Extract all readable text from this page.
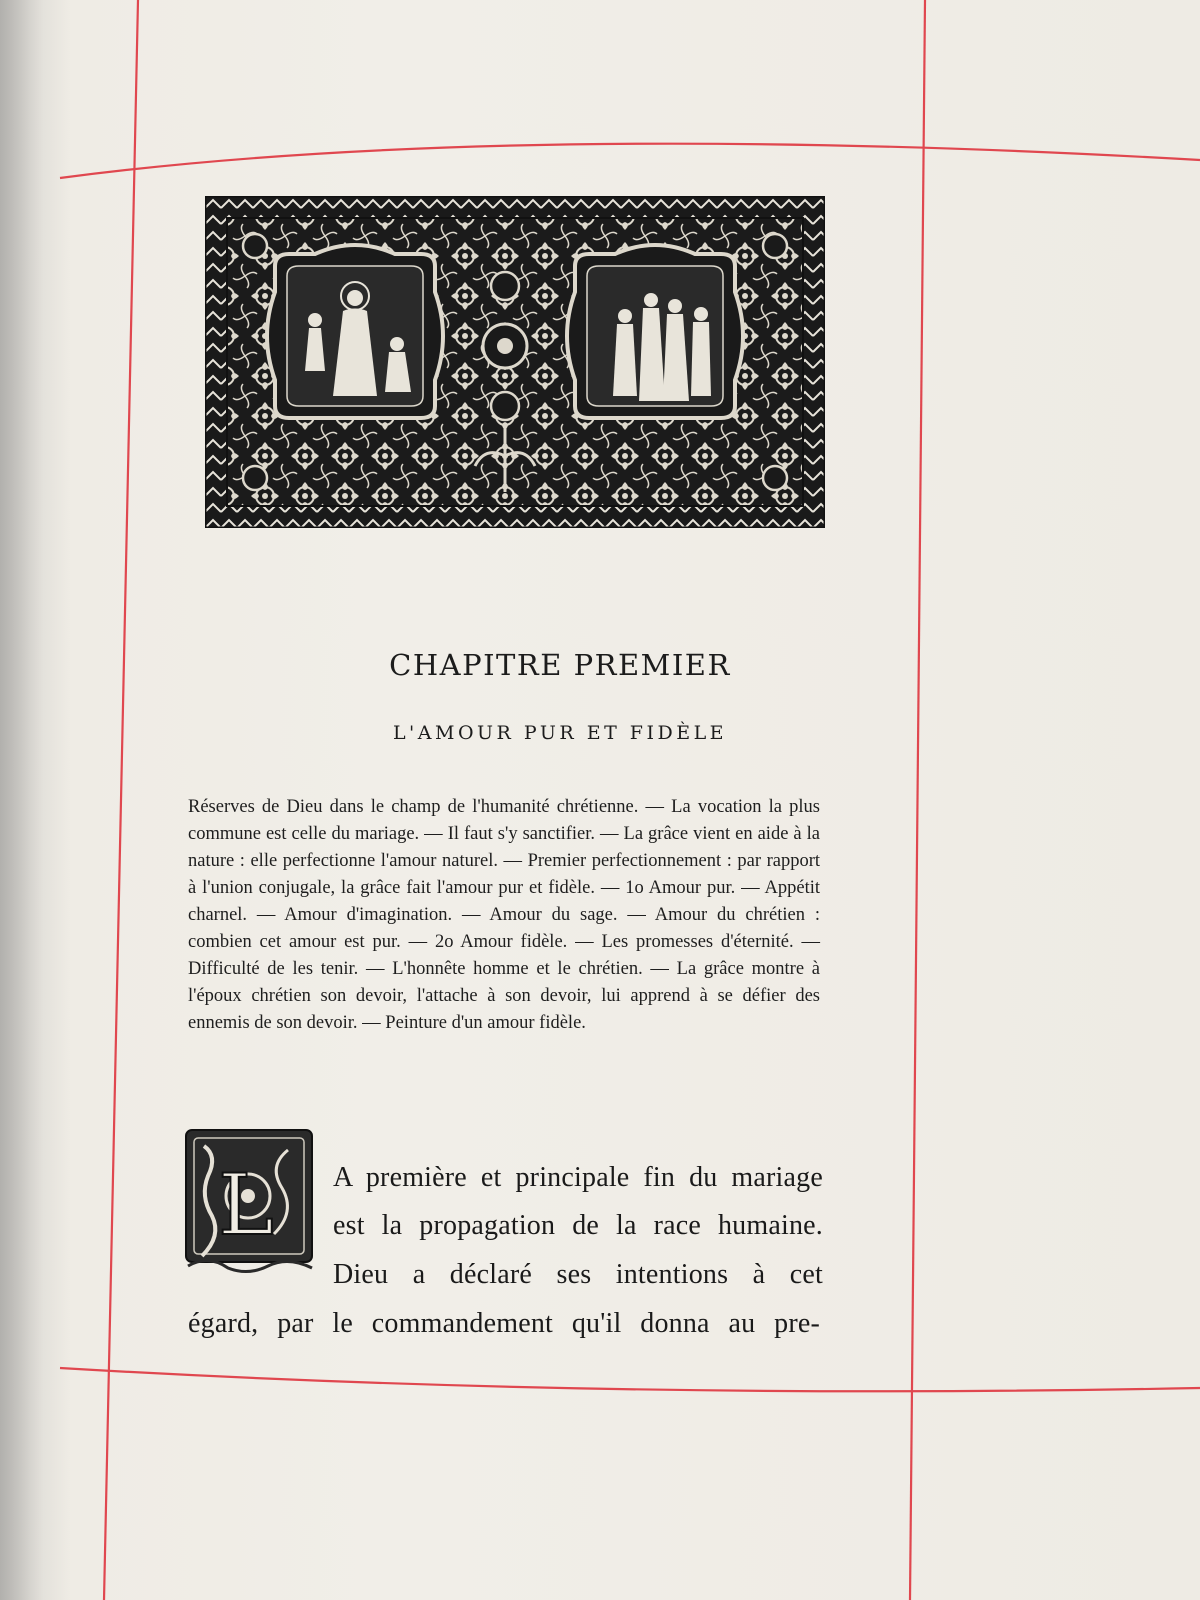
CHAPITRE PREMIER
L'AMOUR PUR ET FIDÈLE
Réserves de Dieu dans le champ de l'humanité chrétienne. — La vocation la plus commune est celle du mariage. — Il faut s'y sanctifier. — La grâce vient en aide à la nature : elle perfectionne l'amour naturel. — Premier perfectionnement : par rapport à l'union conjugale, la grâce fait l'amour pur et fidèle. — 1o Amour pur. — Appétit charnel. — Amour d'imagination. — Amour du sage. — Amour du chrétien : combien cet amour est pur. — 2o Amour fidèle. — Les promesses d'éternité. — Difficulté de les tenir. — L'honnête homme et le chrétien. — La grâce montre à l'époux chrétien son devoir, l'attache à son devoir, lui apprend à se défier des ennemis de son devoir. — Peinture d'un amour fidèle.
L A première et principale fin du mariage
est la propagation de la race humaine.
Dieu a déclaré ses intentions à cet
égard, par le commandement qu'il donna au pre-
